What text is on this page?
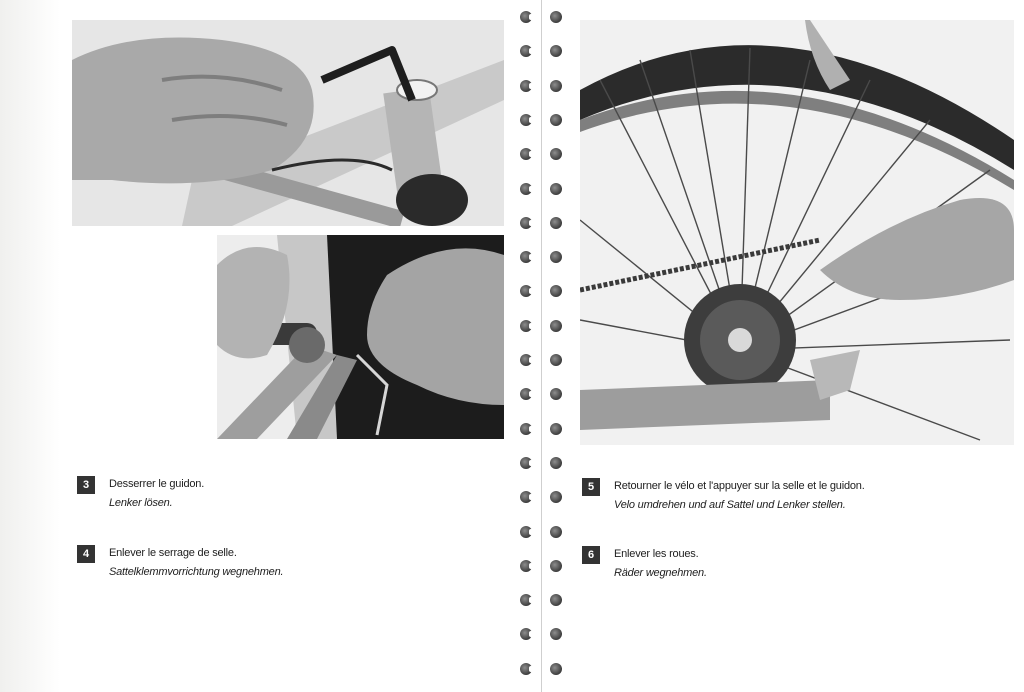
3	Desserrer le guidon.
Lenker lösen.
4	Enlever le serrage de selle.
Sattelklemmvorrichtung wegnehmen.
5	Retourner le vélo et l'appuyer sur la selle et le guidon.
Velo umdrehen und auf Sattel und Lenker stellen.
6	Enlever les roues.
Räder wegnehmen.
